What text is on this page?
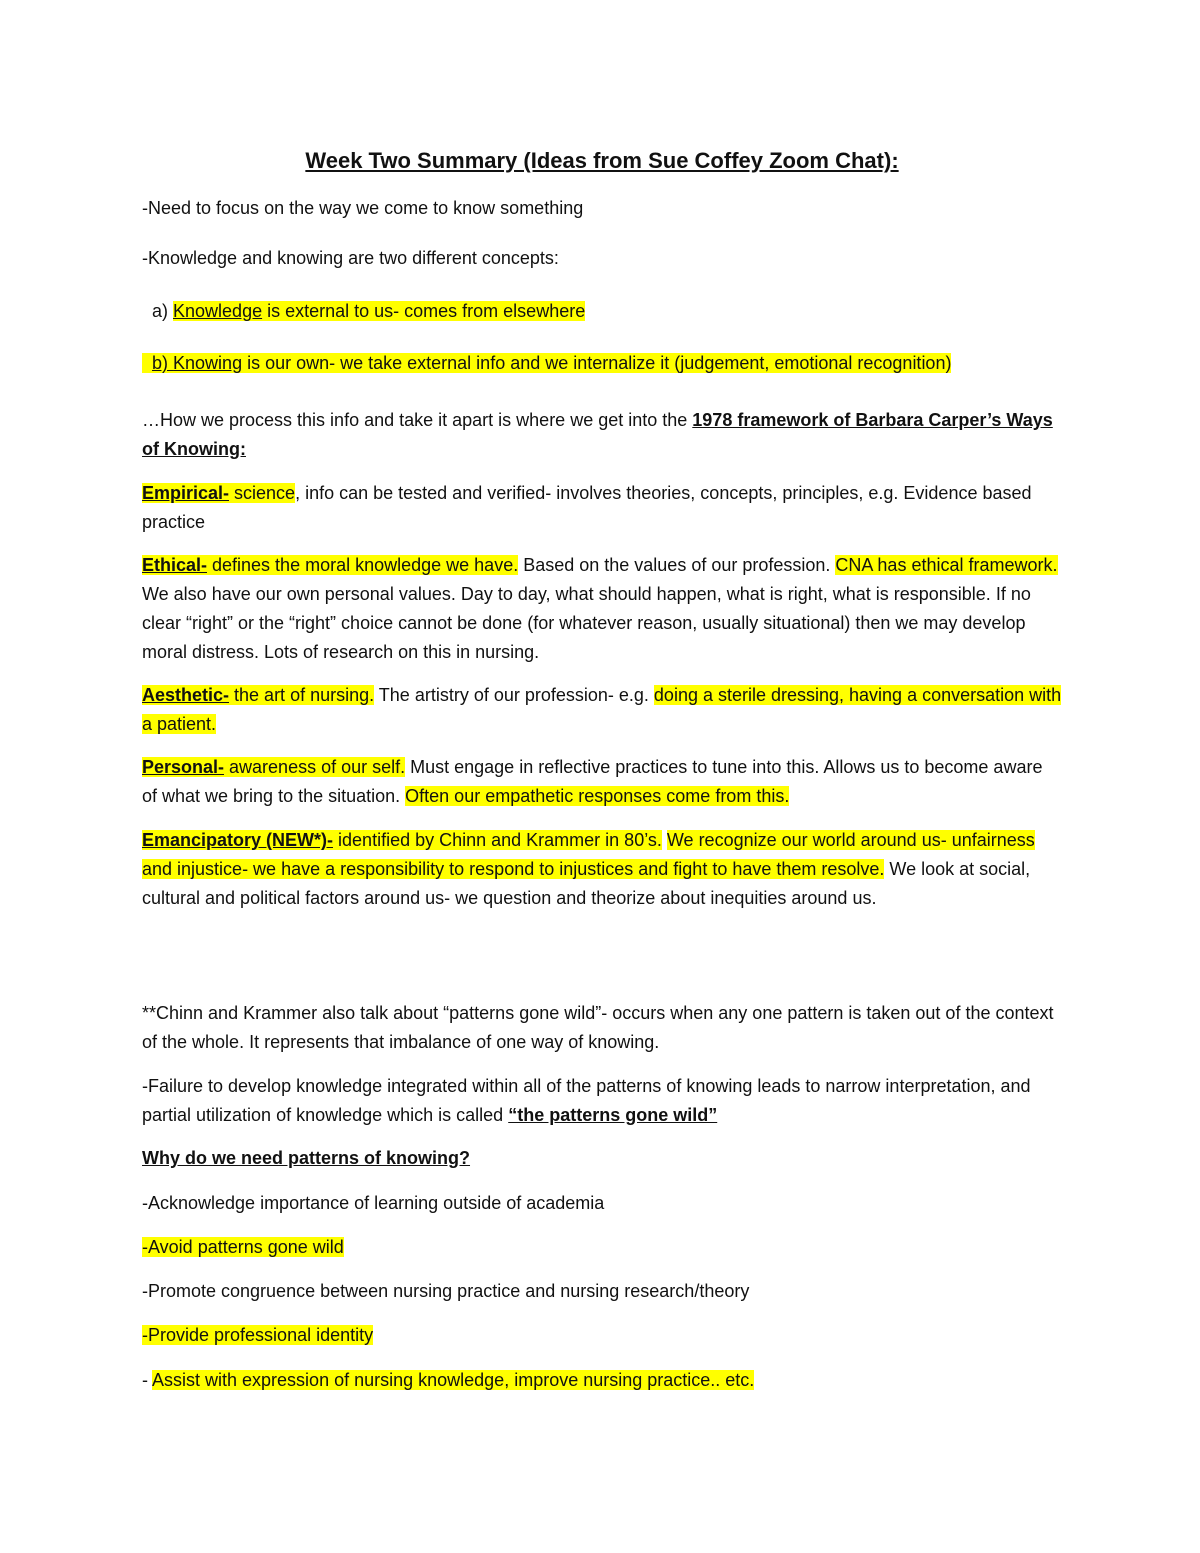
Week Two Summary (Ideas from Sue Coffey Zoom Chat):

-Need to focus on the way we come to know something

-Knowledge and knowing are two different concepts:

a) Knowledge is external to us- comes from elsewhere

b) Knowing is our own- we take external info and we internalize it (judgement, emotional recognition)

…How we process this info and take it apart is where we get into the 1978 framework of Barbara Carper’s Ways of Knowing:

Empirical- science, info can be tested and verified- involves theories, concepts, principles, e.g. Evidence based practice

Ethical- defines the moral knowledge we have. Based on the values of our profession. CNA has ethical framework. We also have our own personal values. Day to day, what should happen, what is right, what is responsible. If no clear “right” or the “right” choice cannot be done (for whatever reason, usually situational) then we may develop moral distress. Lots of research on this in nursing.

Aesthetic- the art of nursing. The artistry of our profession- e.g. doing a sterile dressing, having a conversation with a patient.

Personal- awareness of our self. Must engage in reflective practices to tune into this. Allows us to become aware of what we bring to the situation. Often our empathetic responses come from this.

Emancipatory (NEW*)- identified by Chinn and Krammer in 80’s. We recognize our world around us- unfairness and injustice- we have a responsibility to respond to injustices and fight to have them resolve. We look at social, cultural and political factors around us- we question and theorize about inequities around us.

**Chinn and Krammer also talk about “patterns gone wild”- occurs when any one pattern is taken out of the context of the whole. It represents that imbalance of one way of knowing.

-Failure to develop knowledge integrated within all of the patterns of knowing leads to narrow interpretation, and partial utilization of knowledge which is called “the patterns gone wild”

Why do we need patterns of knowing?

-Acknowledge importance of learning outside of academia

-Avoid patterns gone wild

-Promote congruence between nursing practice and nursing research/theory

-Provide professional identity

- Assist with expression of nursing knowledge, improve nursing practice.. etc.
